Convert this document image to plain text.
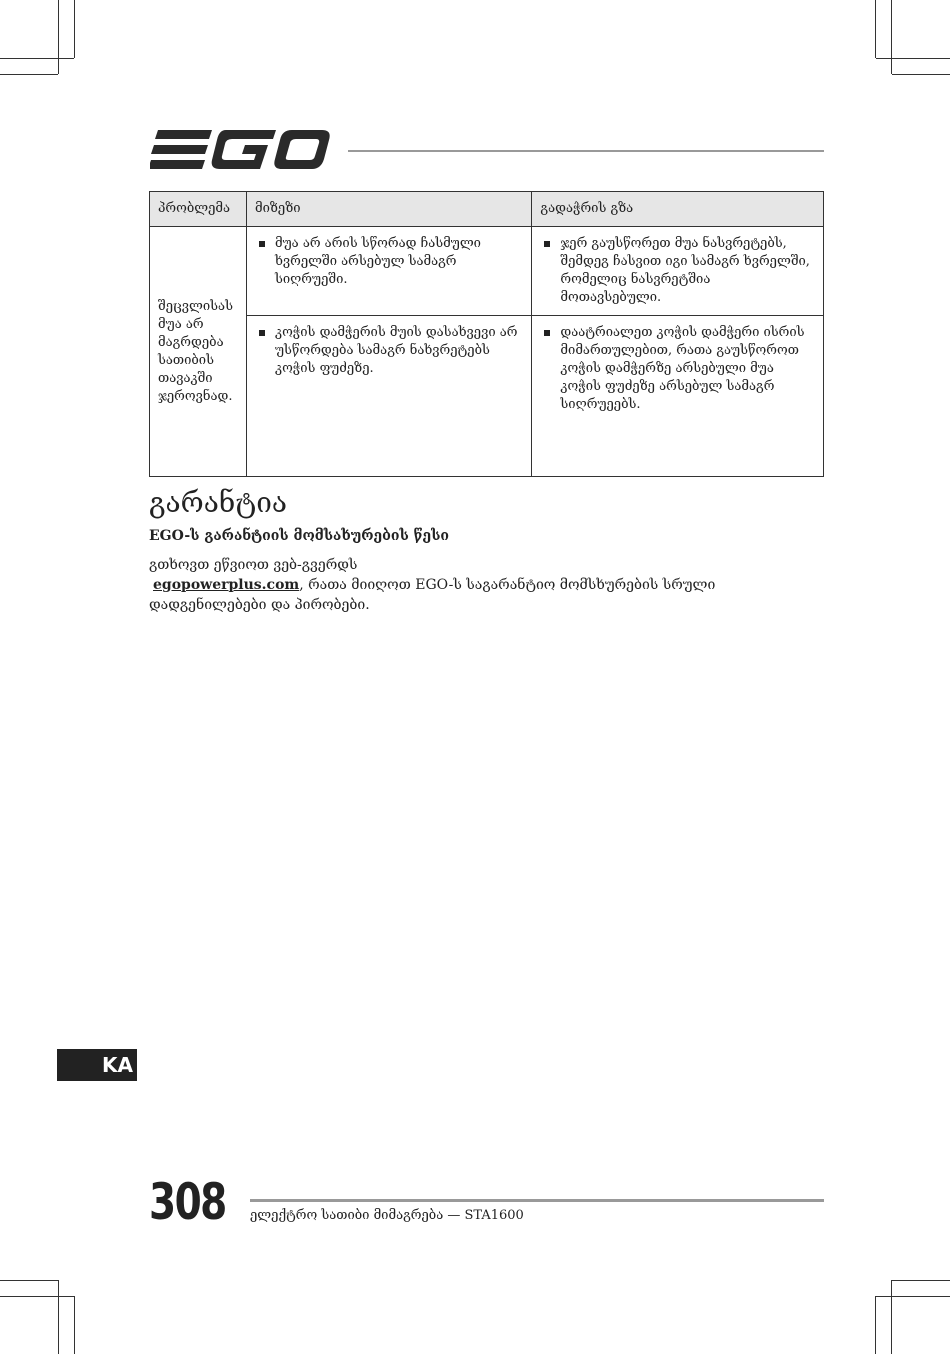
პრობლემა	მიზეზი	გადაჭრის გზა
შეცვლისას მუა არ მაგრდება სათიბის თავაკში ჯეროვნად.	მუა არ არის სწორად ჩასმული ხვრელში არსებულ სამაგრ სიღრუეში.	ჯერ გაუსწორეთ მუა ნასვრეტებს, შემდეგ ჩასვით იგი სამაგრ ხვრელში, რომელიც ნასვრეტშია მოთავსებული.

	კოჭის დამჭერის მუის დასახვევი არ უსწორდება სამაგრ ნახვრეტებს კოჭის ფუძეზე.	დაატრიალეთ კოჭის დამჭერი ისრის მიმართულებით, რათა გაუსწოროთ კოჭის დამჭერზე არსებული მუა კოჭის ფუძეზე არსებულ სამაგრ სიღრუეებს.
გარანტია
EGO-ს გარანტიის მომსახურების წესი

გთხოვთ ეწვიოთ ვებ-გვერდს
egopowerplus.com, რათა მიიღოთ EGO-ს საგარანტიო მომსხურების სრული დადგენილებები და პირობები.

KA
308 ელექტრო სათიბი მიმაგრება — STA1600
